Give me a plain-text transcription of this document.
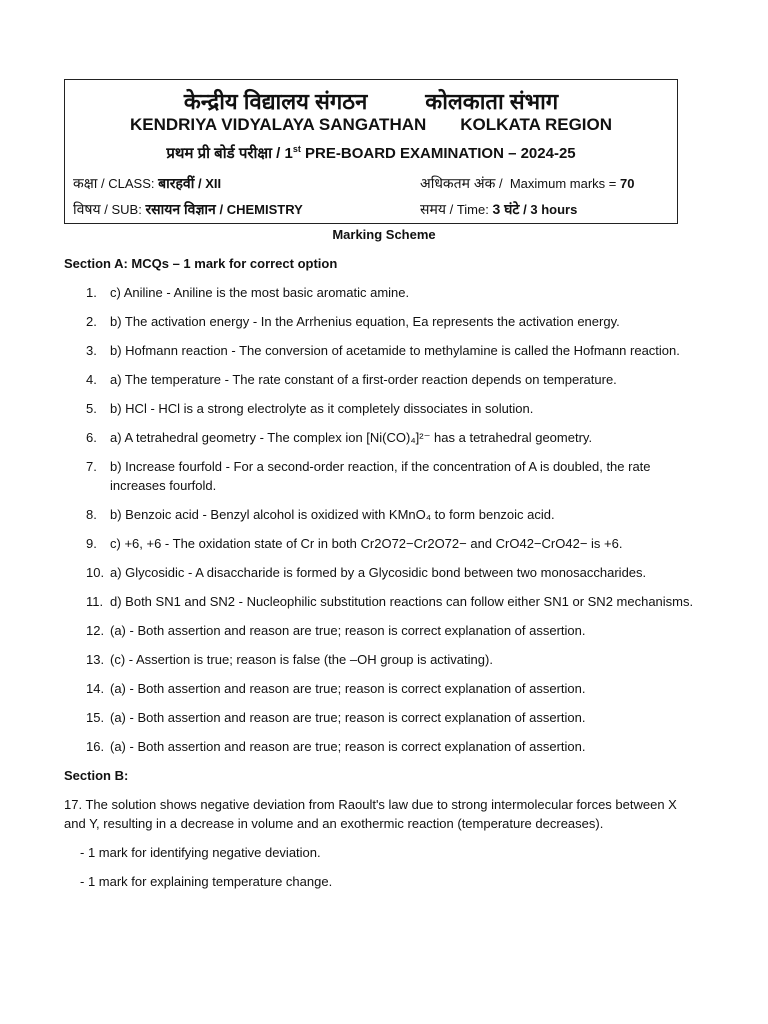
केन्द्रीय विद्यालय संगठन	कोलकाता संभाग
KENDRIYA VIDYALAYA SANGATHAN KOLKATA REGION
प्रथम प्री बोर्ड परीक्षा / 1st PRE-BOARD EXAMINATION – 2024-25
कक्षा / CLASS: बारहवीं / XII	अधिकतम अंक /  Maximum marks = 70
विषय / SUB: रसायन विज्ञान / CHEMISTRY	समय / Time: 3 घंटे / 3 hours
Marking Scheme
Section A: MCQs – 1 mark for correct option
1. c) Aniline - Aniline is the most basic aromatic amine.
2. b) The activation energy - In the Arrhenius equation, Ea represents the activation energy.
3. b) Hofmann reaction - The conversion of acetamide to methylamine is called the Hofmann reaction.
4. a) The temperature - The rate constant of a first-order reaction depends on temperature.
5. b) HCl - HCl is a strong electrolyte as it completely dissociates in solution.
6. a) A tetrahedral geometry - The complex ion [Ni(CO)₄]²⁻ has a tetrahedral geometry.
7. b) Increase fourfold - For a second-order reaction, if the concentration of A is doubled, the rate increases fourfold.
8. b) Benzoic acid - Benzyl alcohol is oxidized with KMnO₄ to form benzoic acid.
9. c) +6, +6 - The oxidation state of Cr in both Cr2O72−Cr2O72− and CrO42−CrO42− is +6.
10. a) Glycosidic - A disaccharide is formed by a Glycosidic bond between two monosaccharides.
11. d) Both SN1 and SN2 - Nucleophilic substitution reactions can follow either SN1 or SN2 mechanisms.
12. (a) - Both assertion and reason are true; reason is correct explanation of assertion.
13. (c) - Assertion is true; reason is false (the –OH group is activating).
14. (a) - Both assertion and reason are true; reason is correct explanation of assertion.
15. (a) - Both assertion and reason are true; reason is correct explanation of assertion.
16. (a) - Both assertion and reason are true; reason is correct explanation of assertion.
Section B:
17. The solution shows negative deviation from Raoult's law due to strong intermolecular forces between X and Y, resulting in a decrease in volume and an exothermic reaction (temperature decreases).
- 1 mark for identifying negative deviation.
- 1 mark for explaining temperature change.
